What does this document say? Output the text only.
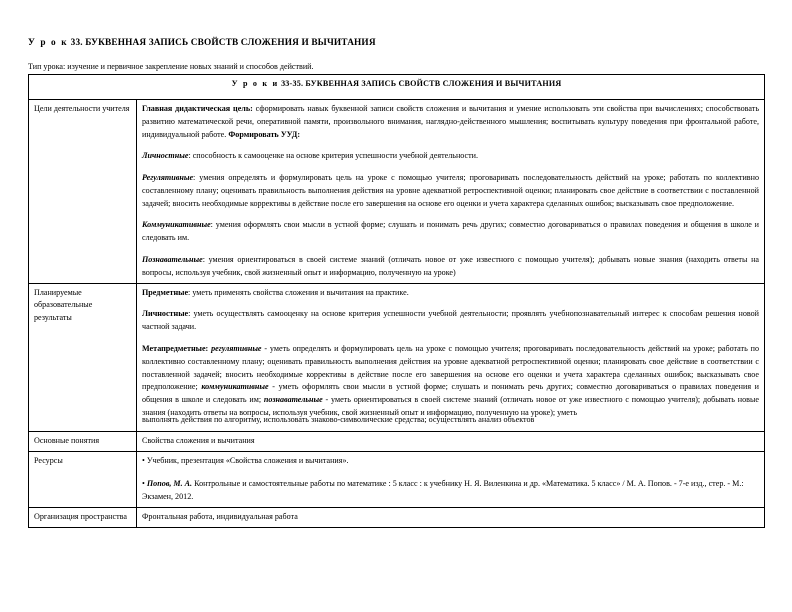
У р о к 33. БУКВЕННАЯ ЗАПИСЬ СВОЙСТВ СЛОЖЕНИЯ И ВЫЧИТАНИЯ
Тип урока: изучение и первичное закрепление новых знаний и способов действий.
У р о к и 33-35. БУКВЕННАЯ ЗАПИСЬ СВОЙСТВ СЛОЖЕНИЯ И ВЫЧИТАНИЯ	
Цели деятельности учителя	Главная дидактическая цель: сформировать навык буквенной записи свойств сложения и вычитания и умение использовать эти свойства при вычислениях; способствовать развитию математической речи, оперативной памяти, произвольного внимания, наглядно-действенного мышления; воспитывать культуру поведения при фронтальной работе, индивидуальной работе. Формировать УУД:

Личностные: способность к самооценке на основе критерия успешности учебной деятельности.

Регулятивные: умения определять и формулировать цель на уроке с помощью учителя; проговаривать последовательность действий на уроке; работать по коллективно составленному плану; оценивать правильность выполнения действия на уровне адекватной ретроспективной оценки; планировать свое действие в соответствии с поставленной задачей; вносить необходимые коррективы в действие после его завершения на основе его оценки и учета характера сделанных ошибок; высказывать свое предположение.

Коммуникативные: умения оформлять свои мысли в устной форме; слушать и понимать речь других; совместно договариваться о правилах поведения и общения в школе и следовать им.

Познавательные: умения ориентироваться в своей системе знаний (отличать новое от уже известного с помощью учителя); добывать новые знания (находить ответы на вопросы, используя учебник, свой жизненный опыт и информацию, полученную на уроке)

Планируемые образовательные результаты	Предметные: уметь применять свойства сложения и вычитания на практике.

Личностные: уметь осуществлять самооценку на основе критерия успешности учебной деятельности; проявлять учебнопознавательный интерес к способам решения новой частной задачи.

Метапредметные: регулятивные - уметь определять и формулировать цель на уроке с помощью учителя; проговаривать последовательность действий на уроке; работать по коллективно составленному плану; оценивать правильность выполнения действия на уровне адекватной ретроспективной оценки; планировать свое действие в соответствии с поставленной задачей; вносить необходимые коррективы в действие после его завершения на основе его оценки и учета характера сделанных ошибок; высказывать свое предположение; коммуникативные - уметь оформлять свои мысли в устной форме; слушать и понимать речь других; совместно договариваться о правилах поведения и общения в школе и следовать им; познавательные - уметь ориентироваться в своей системе знаний (отличать новое от уже известного с помощью учителя); добывать новые знания (находить ответы на вопросы, используя учебник, свой жизненный опыт и информацию, полученную на уроке); уметь

выполнять действия по алгоритму, использовать знаково-символические средства; осуществлять анализ объектов

Основные понятия	Свойства сложения и вычитания
Ресурсы	• Учебник, презентация «Свойства сложения и вычитания».

• Попов, М. А. Контрольные и самостоятельные работы по математике : 5 класс : к учебнику Н. Я. Виленкина и др. «Математика. 5 класс» / М. А. Попов. - 7-е изд., стер. - М.: Экзамен, 2012.

Организация пространства	Фронтальная работа, индивидуальная работа
